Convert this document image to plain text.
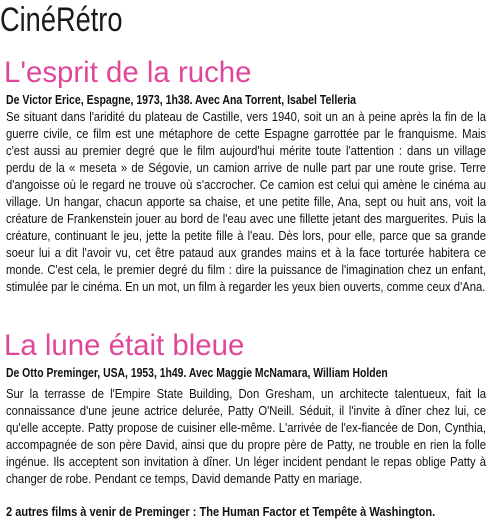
CinéRétro
L'esprit de la ruche

De Victor Erice, Espagne, 1973, 1h38. Avec Ana Torrent, Isabel Telleria

Se situant dans l'aridité du plateau de Castille, vers 1940, soit un an à peine après la fin de la guerre civile, ce film est une métaphore de cette Espagne garrottée par le franquisme. Mais c'est aussi au premier degré que le film aujourd'hui mérite toute l'attention : dans un village perdu de la « meseta » de Ségovie, un camion arrive de nulle part par une route grise. Terre d'angoisse où le regard ne trouve où s'accrocher. Ce camion est celui qui amène le cinéma au village. Un hangar, chacun apporte sa chaise, et une petite fille, Ana, sept ou huit ans, voit la créature de Frankenstein jouer au bord de l'eau avec une fillette jetant des marguerites. Puis la créature, continuant le jeu, jette la petite fille à l'eau. Dès lors, pour elle, parce que sa grande soeur lui a dit l'avoir vu, cet être pataud aux grandes mains et à la face torturée habitera ce monde. C'est cela, le premier degré du film : dire la puissance de l'imagination chez un enfant, stimulée par le cinéma. En un mot, un film à regarder les yeux bien ouverts, comme ceux d'Ana.

La lune était bleue

De Otto Preminger, USA, 1953, 1h49. Avec Maggie McNamara, William Holden

Sur la terrasse de l'Empire State Building, Don Gresham, un architecte talentueux, fait la connaissance d'une jeune actrice delurée, Patty O'Neill. Séduit, il l'invite à dîner chez lui, ce qu'elle accepte. Patty propose de cuisiner elle-même. L'arrivée de l'ex-fiancée de Don, Cynthia, accompagnée de son père David, ainsi que du propre père de Patty, ne trouble en rien la folle ingénue. Ils acceptent son invitation à dîner. Un léger incident pendant le repas oblige Patty à changer de robe. Pendant ce temps, David demande Patty en mariage.

2 autres films à venir de Preminger : The Human Factor et Tempête à Washington.
